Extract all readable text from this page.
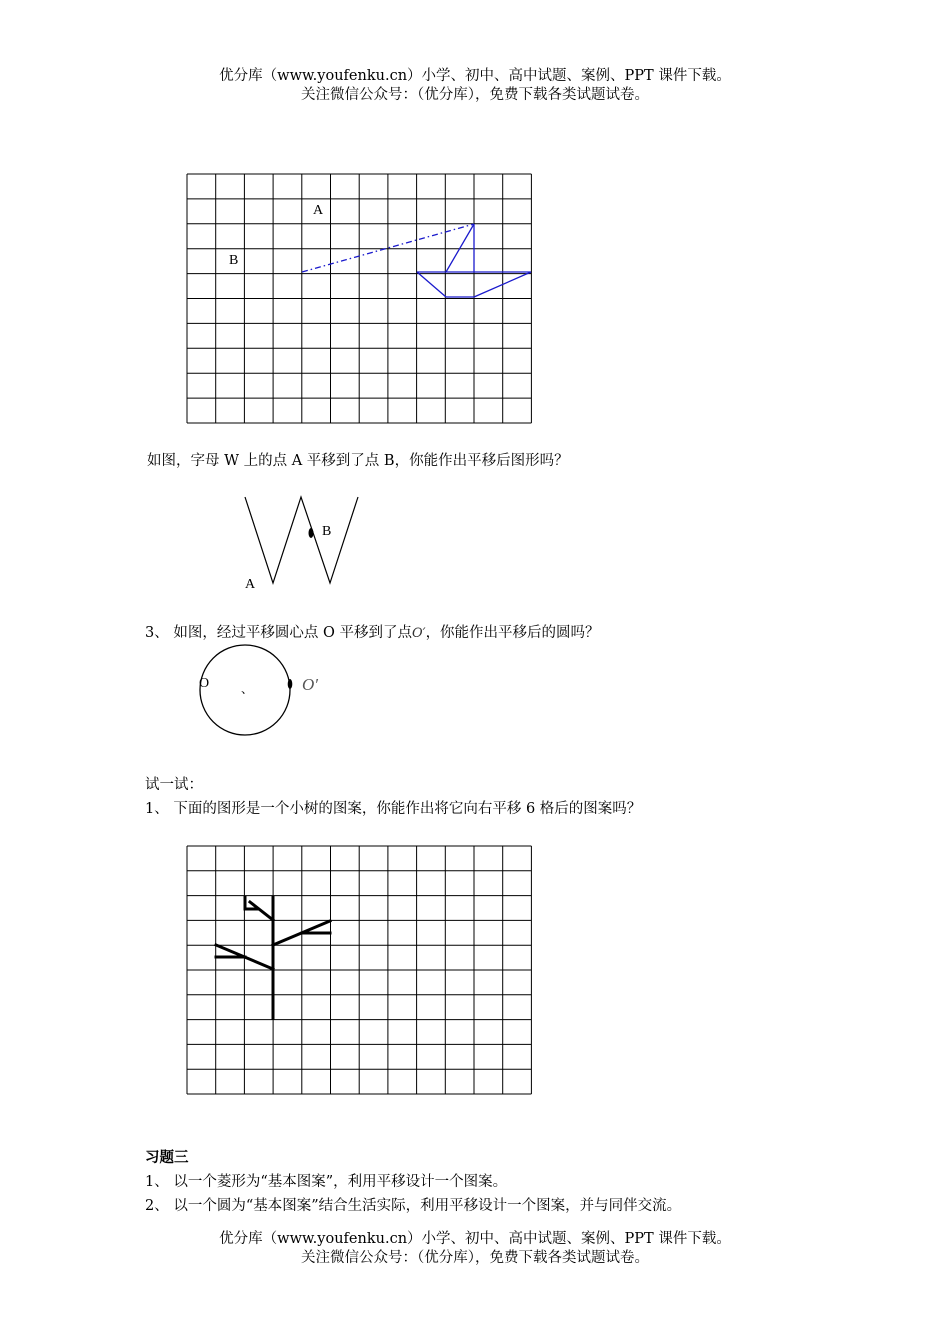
优分库（www.youfenku.cn）小学、初中、高中试题、案例、PPT 课件下载。
关注微信公众号：（优分库），免费下载各类试题试卷。
A
B
如图，字母 W 上的点 A 平移到了点 B，你能作出平移后图形吗？
A
B
3、 如图，经过平移圆心点 O 平移到了点O′，你能作出平移后的圆吗？
O	、	O′
试一试：
1、 下面的图形是一个小树的图案，你能作出将它向右平移 6 格后的图案吗？
习题三
1、 以一个菱形为“基本图案”，利用平移设计一个图案。
2、 以一个圆为“基本图案”结合生活实际，利用平移设计一个图案，并与同伴交流。
优分库（www.youfenku.cn）小学、初中、高中试题、案例、PPT 课件下载。
关注微信公众号：（优分库），免费下载各类试题试卷。
